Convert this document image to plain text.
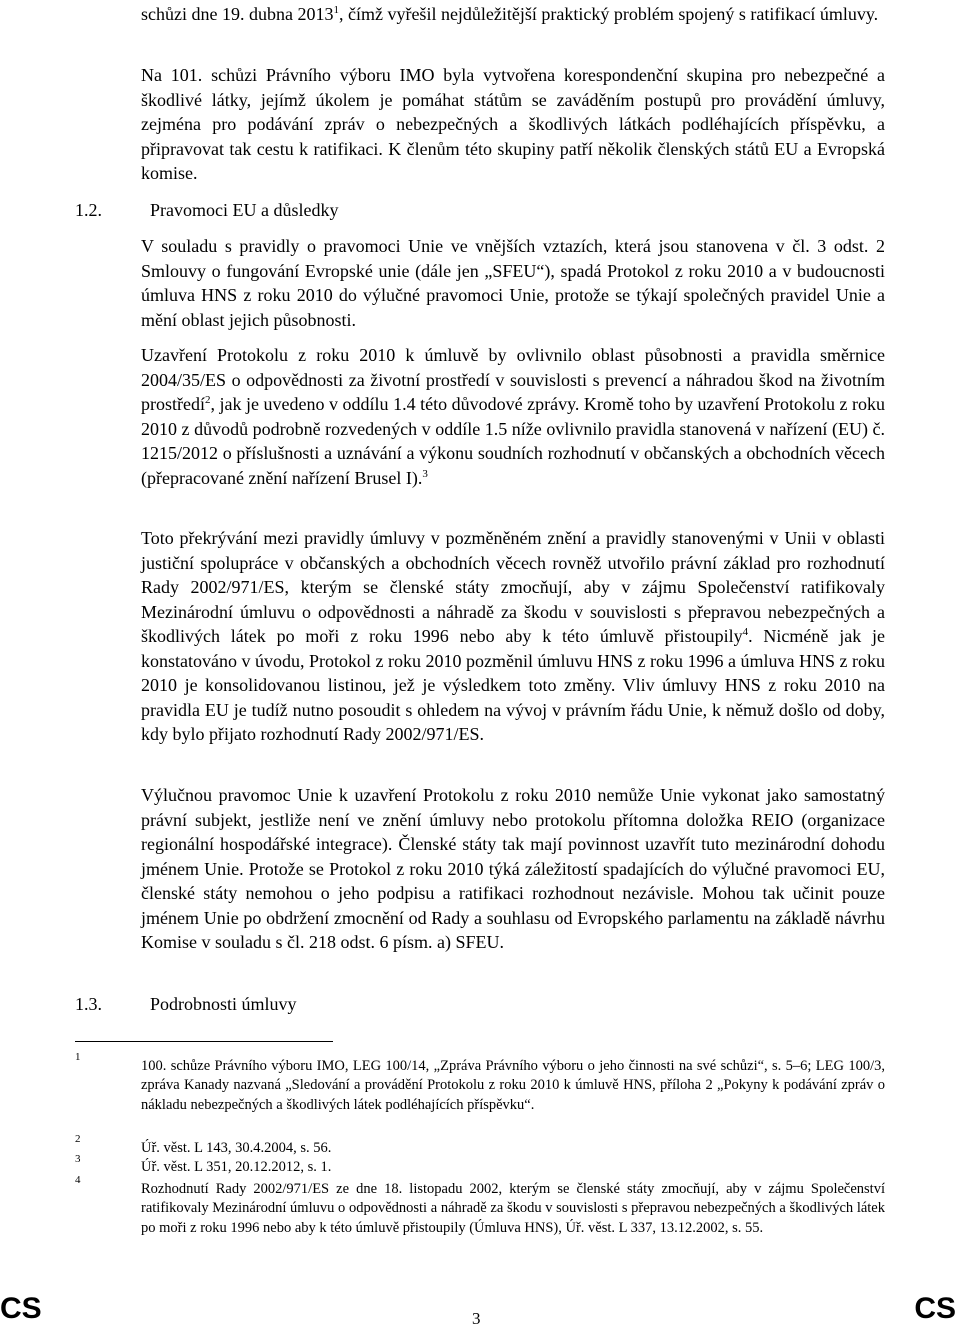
schůzi dne 19. dubna 2013$^1$, čímž vyřešil nejdůležitější praktický problém spojený s ratifikací úmluvy.

Na 101. schůzi Právního výboru IMO byla vytvořena korespondenční skupina pro nebezpečné a škodlivé látky, jejímž úkolem je pomáhat státům se zaváděním postupů pro provádění úmluvy, zejména pro podávání zpráv o nebezpečných a škodlivých látkách podléhajících příspěvku, a připravovat tak cestu k ratifikaci. K členům této skupiny patří několik členských států EU a Evropská komise.

1.2.	Pravomoci EU a důsledky

V souladu s pravidly o pravomoci Unie ve vnějších vztazích, která jsou stanovena v čl. 3 odst. 2 Smlouvy o fungování Evropské unie (dále jen „SFEU“), spadá Protokol z roku 2010 a v budoucnosti úmluva HNS z roku 2010 do výlučné pravomoci Unie, protože se týkají společných pravidel Unie a mění oblast jejich působnosti.

Uzavření Protokolu z roku 2010 k úmluvě by ovlivnilo oblast působnosti a pravidla směrnice 2004/35/ES o odpovědnosti za životní prostředí v souvislosti s prevencí a náhradou škod na životním prostředí$^2$, jak je uvedeno v oddílu 1.4 této důvodové zprávy. Kromě toho by uzavření Protokolu z roku 2010 z důvodů podrobně rozvedených v oddíle 1.5 níže ovlivnilo pravidla stanovená v nařízení (EU) č. 1215/2012 o příslušnosti a uznávání a výkonu soudních rozhodnutí v občanských a obchodních věcech (přepracované znění nařízení Brusel I).$^3$

Toto překrývání mezi pravidly úmluvy v pozměněném znění a pravidly stanovenými v Unii v oblasti justiční spolupráce v občanských a obchodních věcech rovněž utvořilo právní základ pro rozhodnutí Rady 2002/971/ES, kterým se členské státy zmocňují, aby v zájmu Společenství ratifikovaly Mezinárodní úmluvu o odpovědnosti a náhradě za škodu v souvislosti s přepravou nebezpečných a škodlivých látek po moři z roku 1996 nebo aby k této úmluvě přistoupily$^4$. Nicméně jak je konstatováno v úvodu, Protokol z roku 2010 pozměnil úmluvu HNS z roku 1996 a úmluva HNS z roku 2010 je konsolidovanou listinou, jež je výsledkem toto změny. Vliv úmluvy HNS z roku 2010 na pravidla EU je tudíž nutno posoudit s ohledem na vývoj v právním řádu Unie, k němuž došlo od doby, kdy bylo přijato rozhodnutí Rady 2002/971/ES.

Výlučnou pravomoc Unie k uzavření Protokolu z roku 2010 nemůže Unie vykonat jako samostatný právní subjekt, jestliže není ve znění úmluvy nebo protokolu přítomna doložka REIO (organizace regionální hospodářské integrace). Členské státy tak mají povinnost uzavřít tuto mezinárodní dohodu jménem Unie. Protože se Protokol z roku 2010 týká záležitostí spadajících do výlučné pravomoci EU, členské státy nemohou o jeho podpisu a ratifikaci rozhodnout nezávisle. Mohou tak učinit pouze jménem Unie po obdržení zmocnění od Rady a souhlasu od Evropského parlamentu na základě návrhu Komise v souladu s čl. 218 odst. 6 písm. a) SFEU.

1.3.	Podrobnosti úmluvy

1

100. schůze Právního výboru IMO, LEG 100/14, „Zpráva Právního výboru o jeho činnosti na své schůzi“, s. 5–6; LEG 100/3, zpráva Kanady nazvaná „Sledování a provádění Protokolu z roku 2010 k úmluvě HNS, příloha 2 „Pokyny k podávání zpráv o nákladu nebezpečných a škodlivých látek podléhajících příspěvku“.

2

Úř. věst. L 143, 30.4.2004, s. 56.

3	Úř. věst. L 351, 20.12.2012, s. 1.

4

Rozhodnutí Rady 2002/971/ES ze dne 18. listopadu 2002, kterým se členské státy zmocňují, aby v zájmu Společenství ratifikovaly Mezinárodní úmluvu o odpovědnosti a náhradě za škodu v souvislosti s přepravou nebezpečných a škodlivých látek po moři z roku 1996 nebo aby k této úmluvě přistoupily (Úmluva HNS), Úř. věst. L 337, 13.12.2002, s. 55.

CS	3	CS
